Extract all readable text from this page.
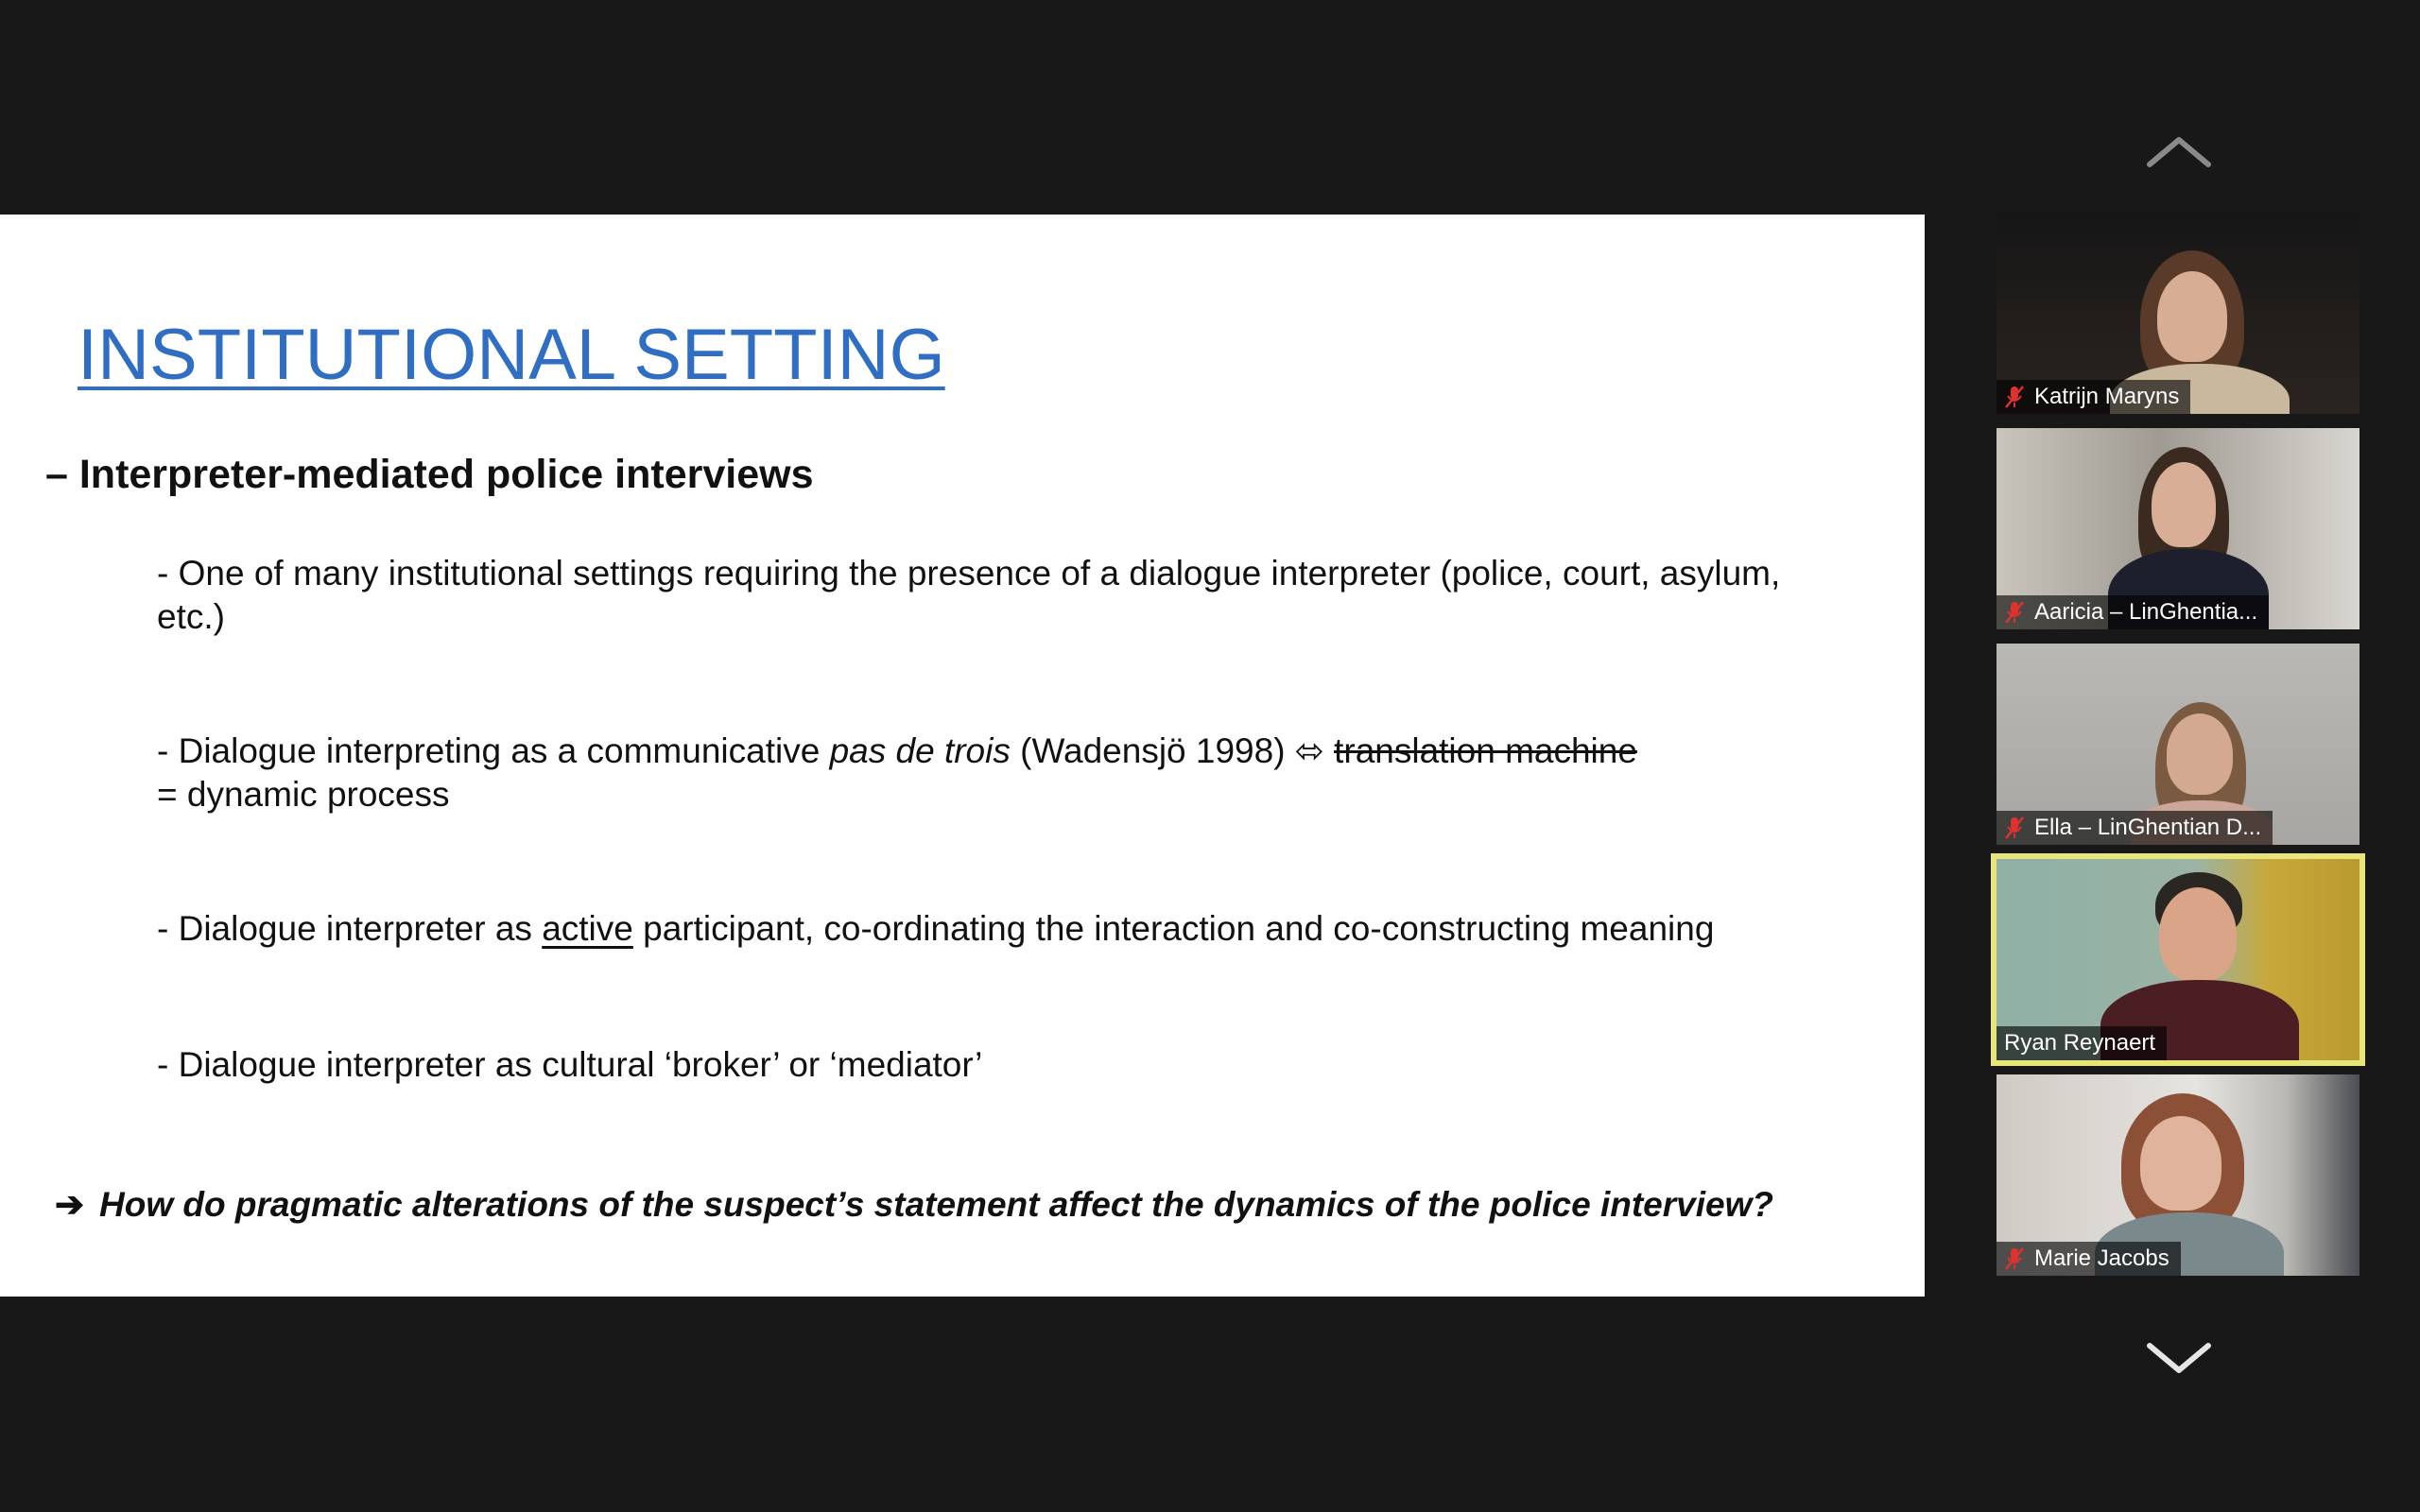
INSTITUTIONAL SETTING
– Interpreter-mediated police interviews
- One of many institutional settings requiring the presence of a dialogue interpreter (police, court, asylum, etc.)
- Dialogue interpreting as a communicative pas de trois (Wadensjö 1998) ⬄ translation machine
= dynamic process
- Dialogue interpreter as active participant, co-ordinating the interaction and co-constructing meaning
- Dialogue interpreter as cultural ‘broker’ or ‘mediator’
➔ How do pragmatic alterations of the suspect’s statement affect the dynamics of the police interview?
Katrijn Maryns
Aaricia – LinGhentia...
Ella – LinGhentian D...
Ryan Reynaert
Marie Jacobs
